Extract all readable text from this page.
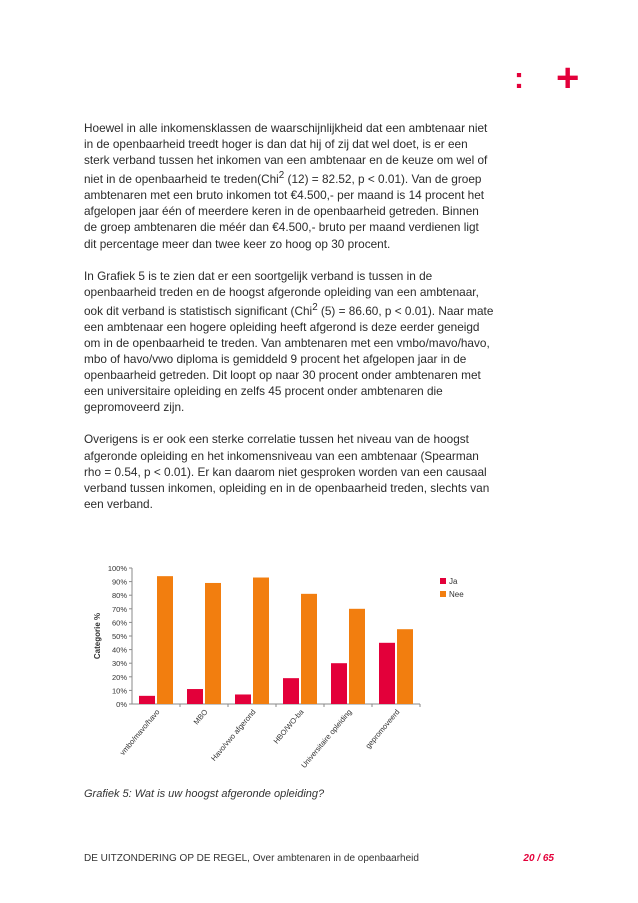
: +

Hoewel in alle inkomensklassen de waarschijnlijkheid dat een ambtenaar niet in de openbaarheid treedt hoger is dan dat hij of zij dat wel doet, is er een sterk verband tussen het inkomen van een ambtenaar en de keuze om wel of niet in de openbaarheid te treden(Chi$^2$ (12) = 82.52, p < 0.01). Van de groep ambtenaren met een bruto inkomen tot €4.500,- per maand is 14 procent het afgelopen jaar één of meerdere keren in de openbaarheid getreden. Binnen de groep ambtenaren die méér dan €4.500,- bruto per maand verdienen ligt dit percentage meer dan twee keer zo hoog op 30 procent.

In Grafiek 5 is te zien dat er een soortgelijk verband is tussen in de openbaarheid treden en de hoogst afgeronde opleiding van een ambtenaar, ook dit verband is statistisch significant (Chi$^2$ (5) = 86.60, p < 0.01). Naar mate een ambtenaar een hogere opleiding heeft afgerond is deze eerder geneigd om in de openbaarheid te treden. Van ambtenaren met een vmbo/mavo/havo, mbo of havo/vwo diploma is gemiddeld 9 procent het afgelopen jaar in de openbaarheid getreden. Dit loopt op naar 30 procent onder ambtenaren met een universitaire opleiding en zelfs 45 procent onder ambtenaren die gepromoveerd zijn.

Overigens is er ook een sterke correlatie tussen het niveau van de hoogst afgeronde opleiding en het inkomensniveau van een ambtenaar (Spearman rho = 0.54, p < 0.01). Er kan daarom niet gesproken worden van een causaal verband tussen inkomen, opleiding en in de openbaarheid treden, slechts van een verband.

0%
10%
20%
30%
40%
50%
60%
70%
80%
90%
100%
Categorie %
vmbo/mavo/havo	MBO Havo/vwo afgerond HBO/WO-ba
Universitaire opleiding gepromoveerd
Ja
Nee
Grafiek 5: Wat is uw hoogst afgeronde opleiding?
DE UITZONDERING OP DE REGEL, Over ambtenaren in de openbaarheid	20 / 65
